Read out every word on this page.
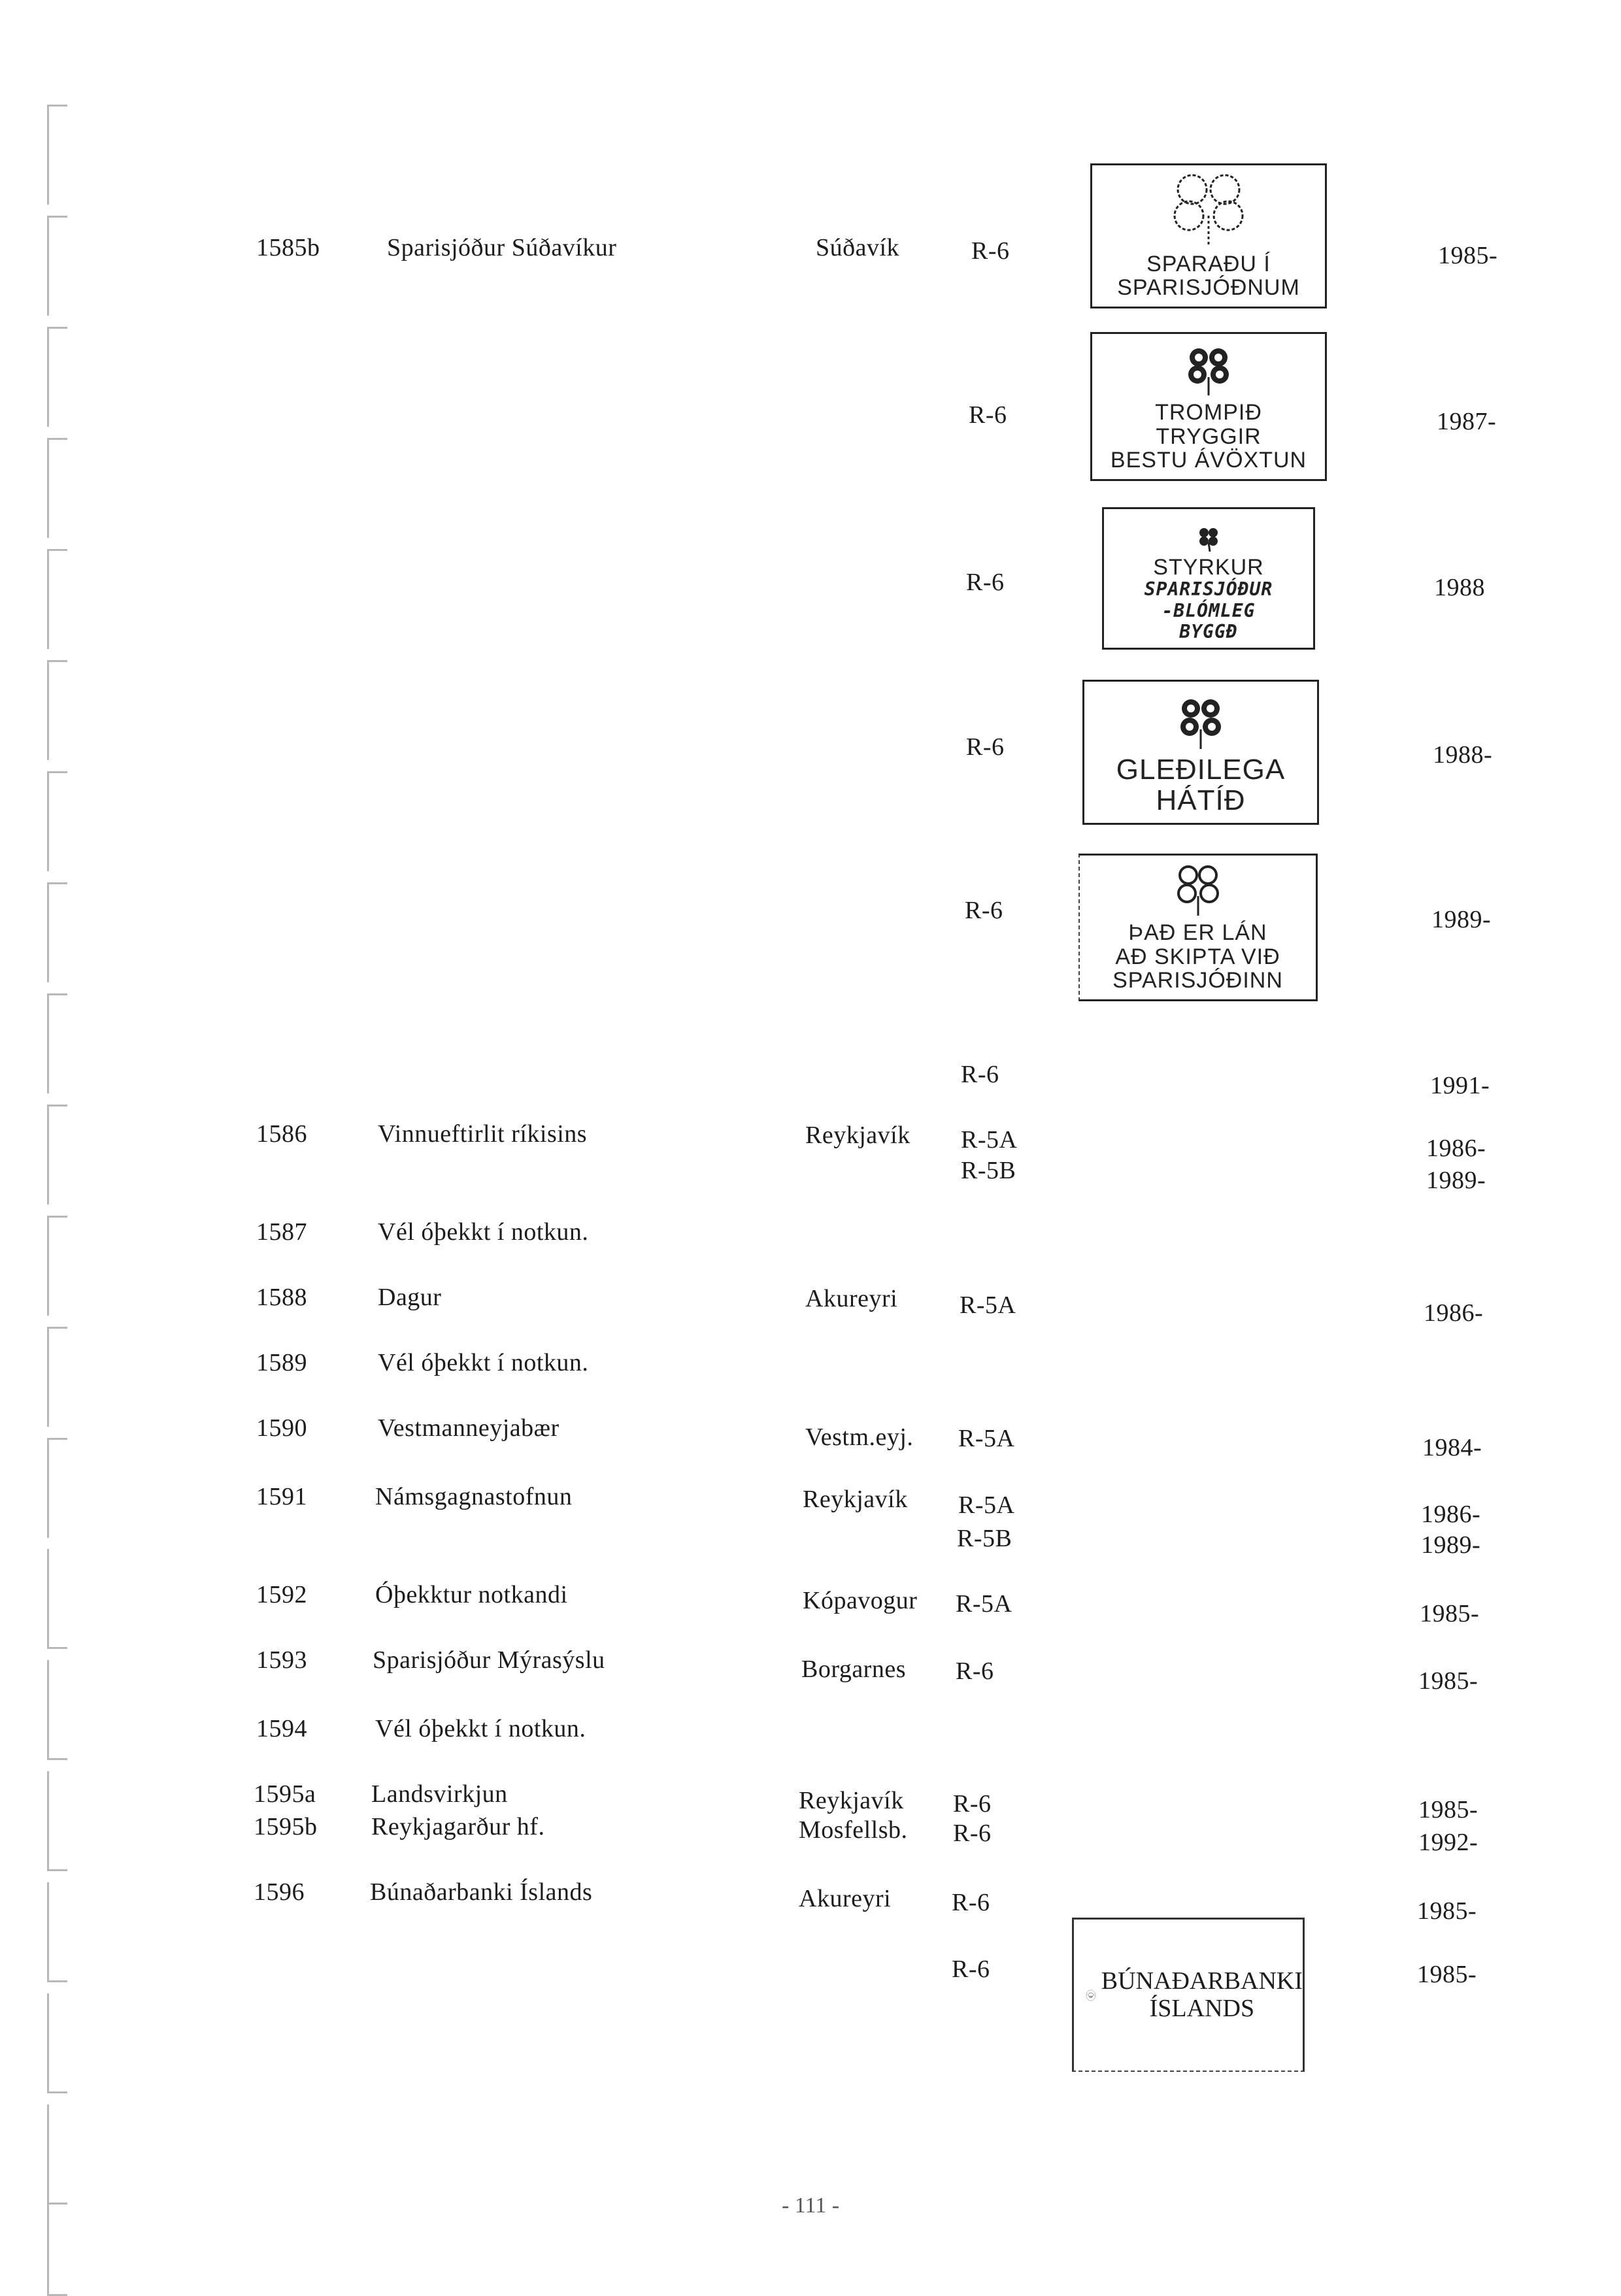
1585b
1586
1587
1588
1589
1590
1591
1592
1593
1594
1595a
1595b
1596
Sparisjóður Súðavíkur
Vinnueftirlit ríkisins
Vél óþekkt í notkun.
Dagur
Vél óþekkt í notkun.
Vestmanneyjabær
Námsgagnastofnun
Óþekktur notkandi
Sparisjóður Mýrasýslu
Vél óþekkt í notkun.
Landsvirkjun
Reykjagarður hf.
Búnaðarbanki Íslands
Súðavík
Reykjavík
Akureyri
Vestm.eyj.
Reykjavík
Kópavogur
Borgarnes
Reykjavík
Mosfellsb.
Akureyri
R-6
R-6
R-6
R-6
R-6
R-6
R-5A
R-5B
R-5A
R-5A
R-5A
R-5B
R-5A
R-6
R-6
R-6
R-6
R-6
1985-
1987-
1988
1988-
1989-
1991-
1986-
1989-
1986-
1984-
1986-
1989-
1985-
1985-
1985-
1992-
1985-
1985-
SPARAÐU Í
SPARISJÓÐNUM
TROMPIÐ
TRYGGIR
BESTU ÁVÖXTUN
STYRKUR
SPARISJÓÐUR
-BLÓMLEG
BYGGÐ
GLEÐILEGA
HÁTÍÐ
ÞAÐ ER LÁN
AÐ SKIPTA VIÐ
SPARISJÓÐINN
BÚNAÐARBANKI
ÍSLANDS
- 111 -
